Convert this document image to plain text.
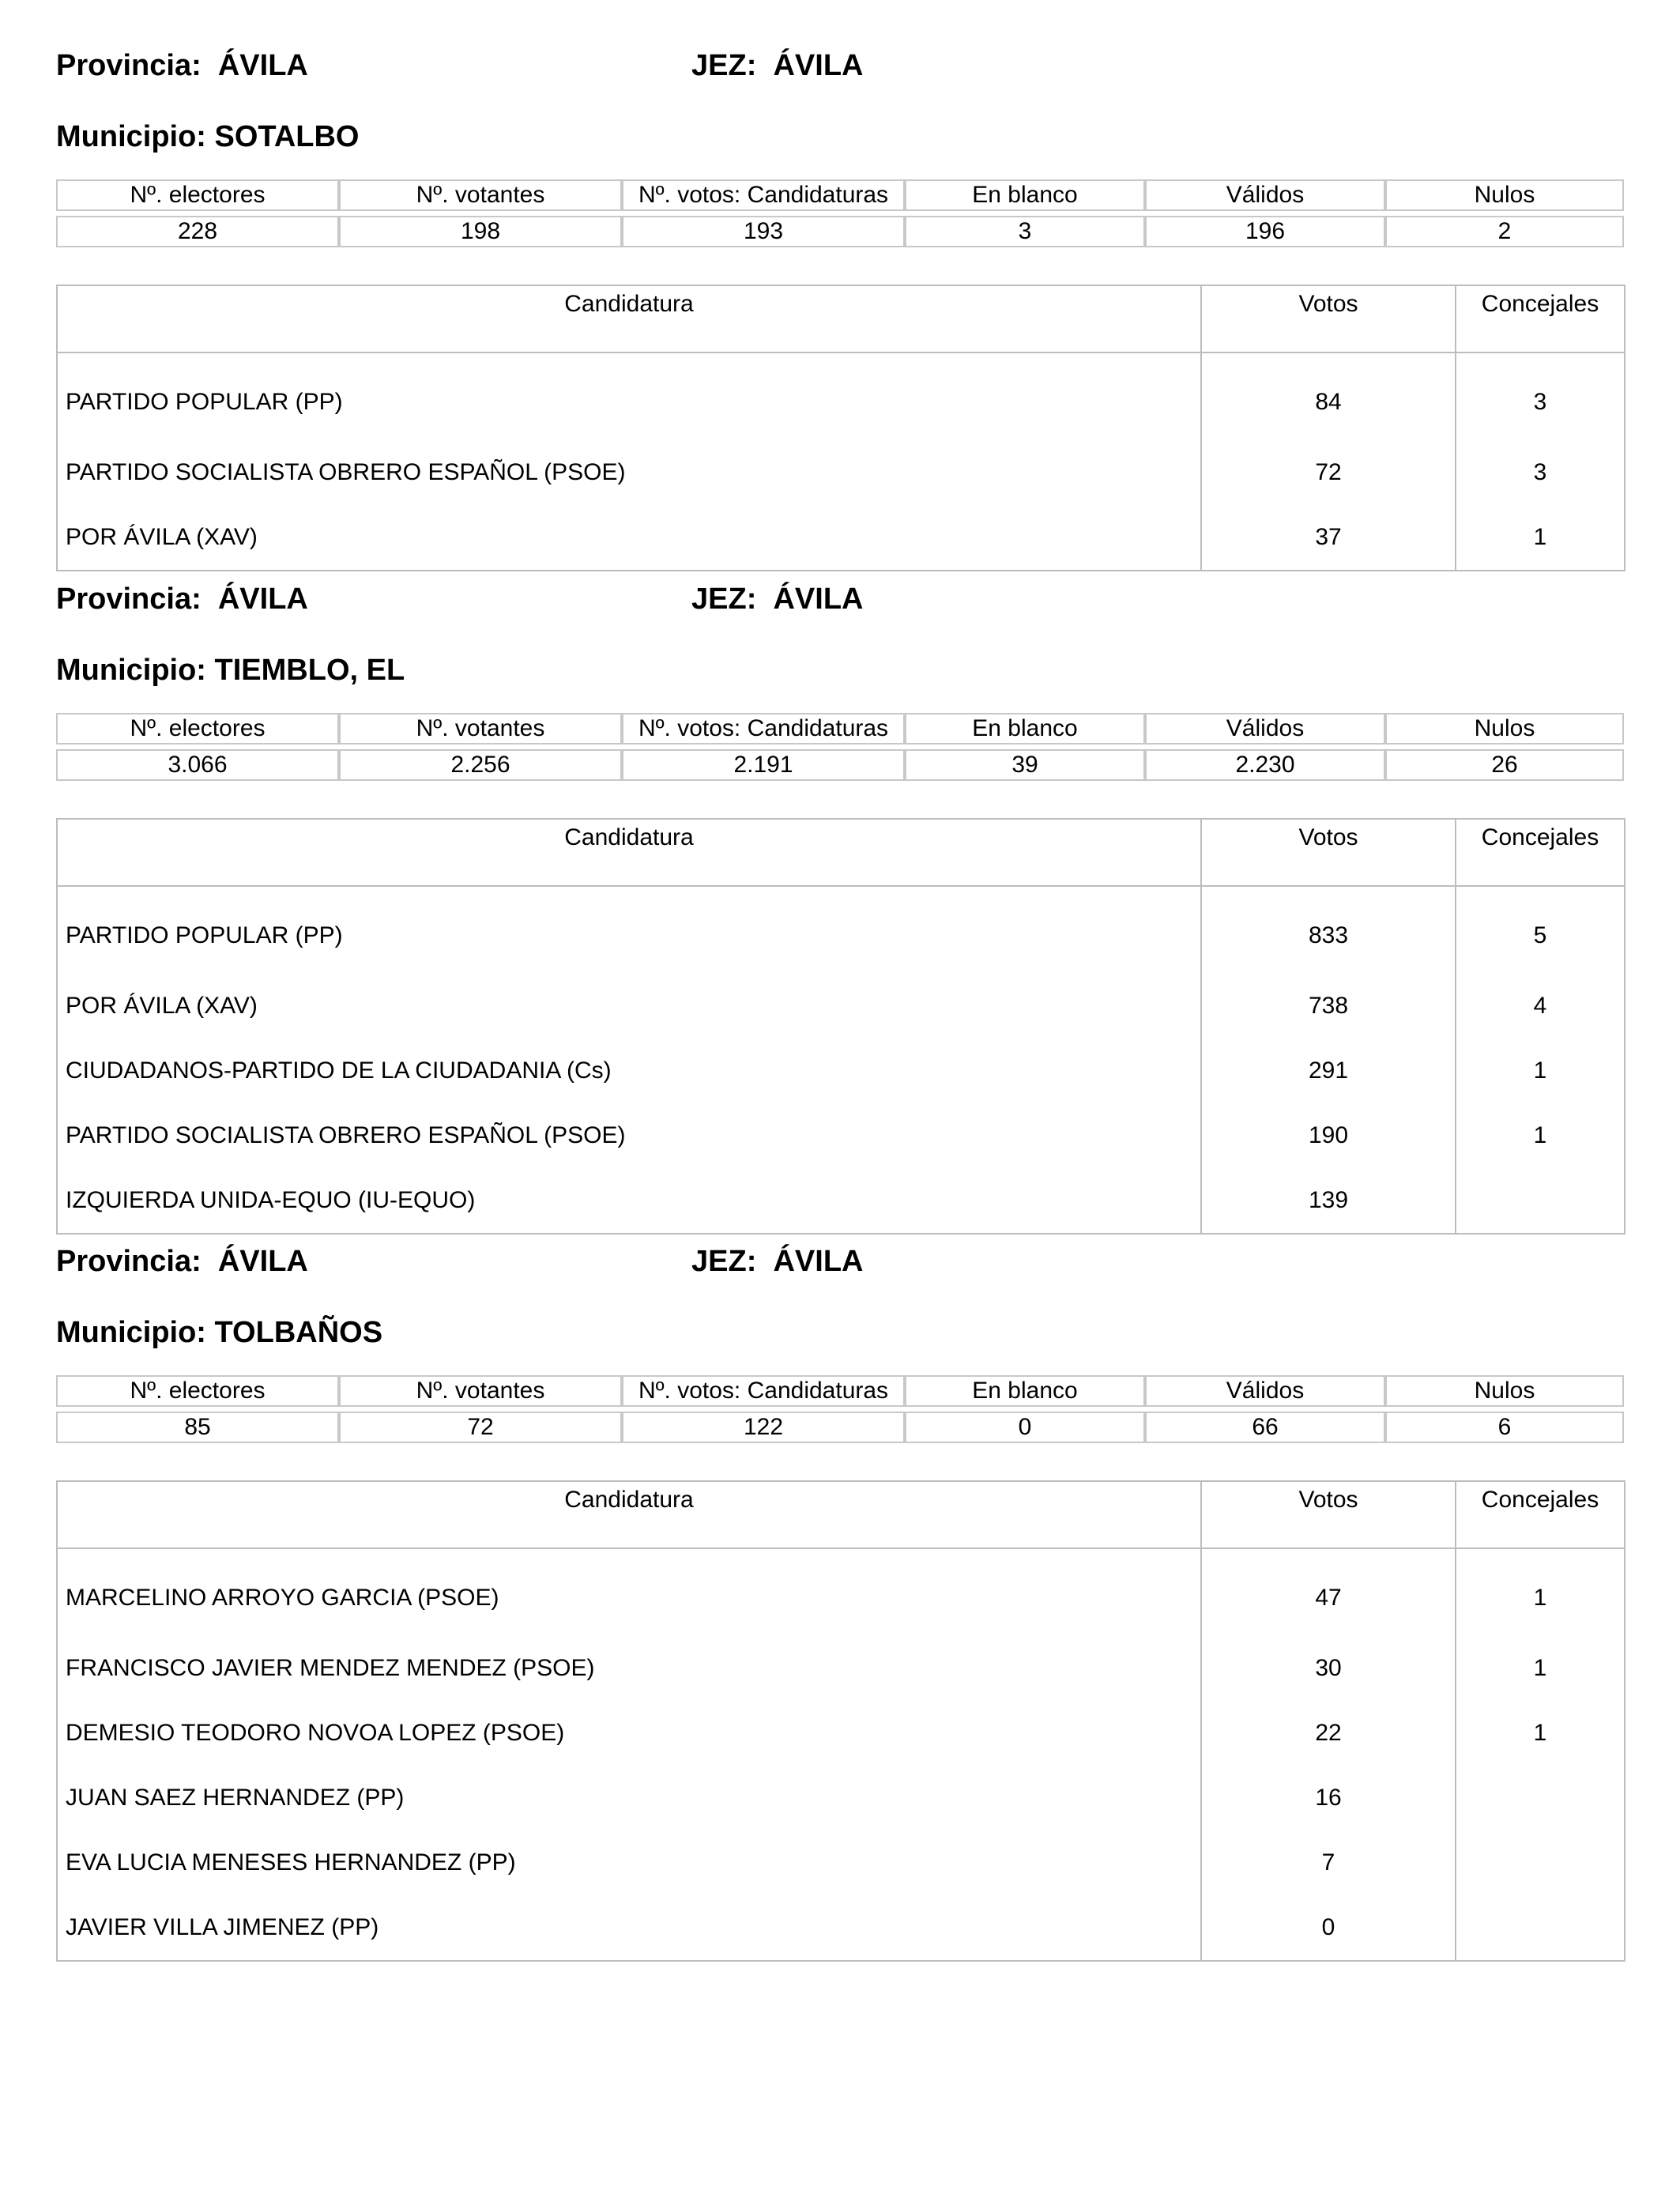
Provincia:  ÁVILA	JEZ:  ÁVILA
Municipio: SOTALBO
Nº. electores	Nº. votantes	Nº. votos: Candidaturas	En blanco	Válidos	Nulos

228	198	193	3	196	2
Candidatura	Votos	Concejales
PARTIDO POPULAR (PP)	84	3
PARTIDO SOCIALISTA OBRERO ESPAÑOL (PSOE)	72	3
POR ÁVILA (XAV)	37	1
Provincia:  ÁVILA	JEZ:  ÁVILA
Municipio: TIEMBLO, EL
Nº. electores	Nº. votantes	Nº. votos: Candidaturas	En blanco	Válidos	Nulos

3.066	2.256	2.191	39	2.230	26
Candidatura	Votos	Concejales
PARTIDO POPULAR (PP)	833	5
POR ÁVILA (XAV)	738	4
CIUDADANOS-PARTIDO DE LA CIUDADANIA (Cs)	291	1
PARTIDO SOCIALISTA OBRERO ESPAÑOL (PSOE)	190	1
IZQUIERDA UNIDA-EQUO (IU-EQUO)	139	
Provincia:  ÁVILA	JEZ:  ÁVILA
Municipio: TOLBAÑOS
Nº. electores	Nº. votantes	Nº. votos: Candidaturas	En blanco	Válidos	Nulos

85	72	122	0	66	6
Candidatura	Votos	Concejales
MARCELINO ARROYO GARCIA (PSOE)	47	1
FRANCISCO JAVIER MENDEZ MENDEZ (PSOE)	30	1
DEMESIO TEODORO NOVOA LOPEZ (PSOE)	22	1
JUAN SAEZ HERNANDEZ (PP)	16	
EVA LUCIA MENESES HERNANDEZ (PP)	7	
JAVIER VILLA JIMENEZ (PP)	0	
